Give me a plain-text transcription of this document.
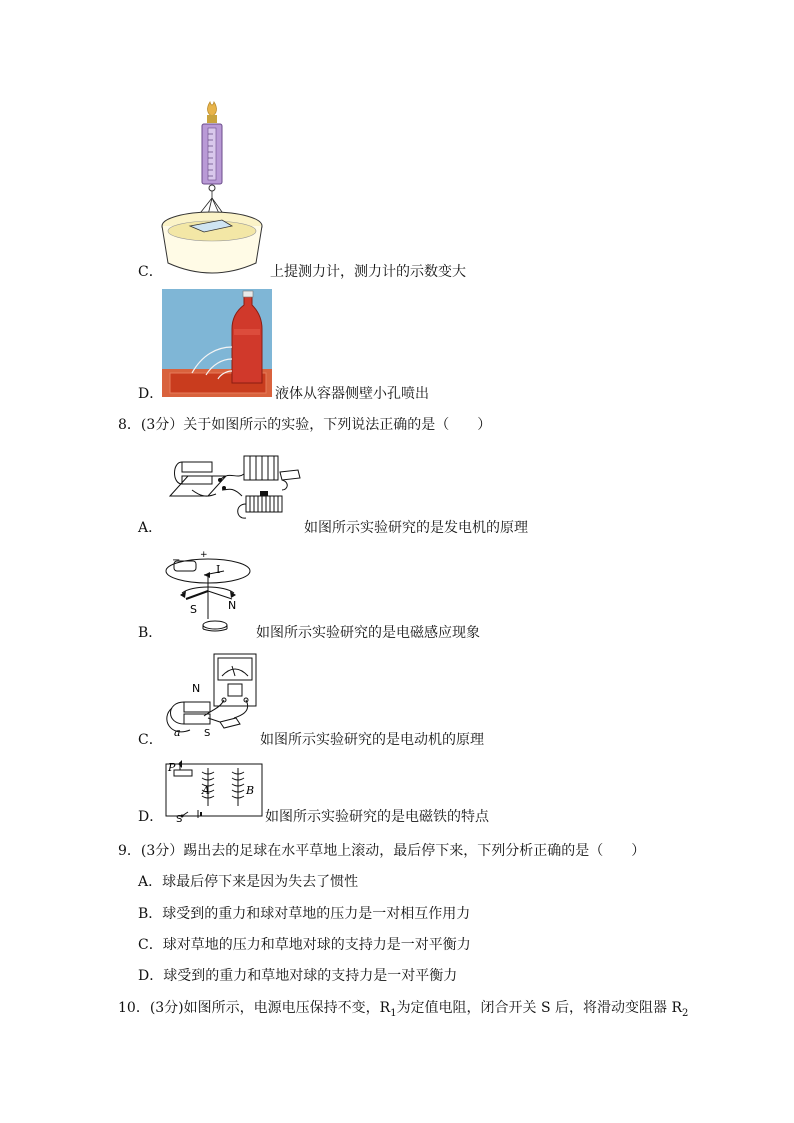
C．	上提测力计，测力计的示数变大
D．	液体从容器侧壁小孔喷出
8．(3分）关于如图所示的实验，下列说法正确的是（　　）
A．	如图所示实验研究的是发电机的原理
I
− +
S	N
B．	如图所示实验研究的是电磁感应现象
N
S
a
C．	如图所示实验研究的是电动机的原理
P
S
A	B
D．	如图所示实验研究的是电磁铁的特点
9．(3分）踢出去的足球在水平草地上滚动，最后停下来，下列分析正确的是（　　）
A．球最后停下来是因为失去了惯性
B．球受到的重力和球对草地的压力是一对相互作用力
C．球对草地的压力和草地对球的支持力是一对平衡力
D．球受到的重力和草地对球的支持力是一对平衡力
10．(3分)如图所示，电源电压保持不变，$R_1$为定值电阻，闭合开关 S 后，将滑动变阻器 $R_2$
